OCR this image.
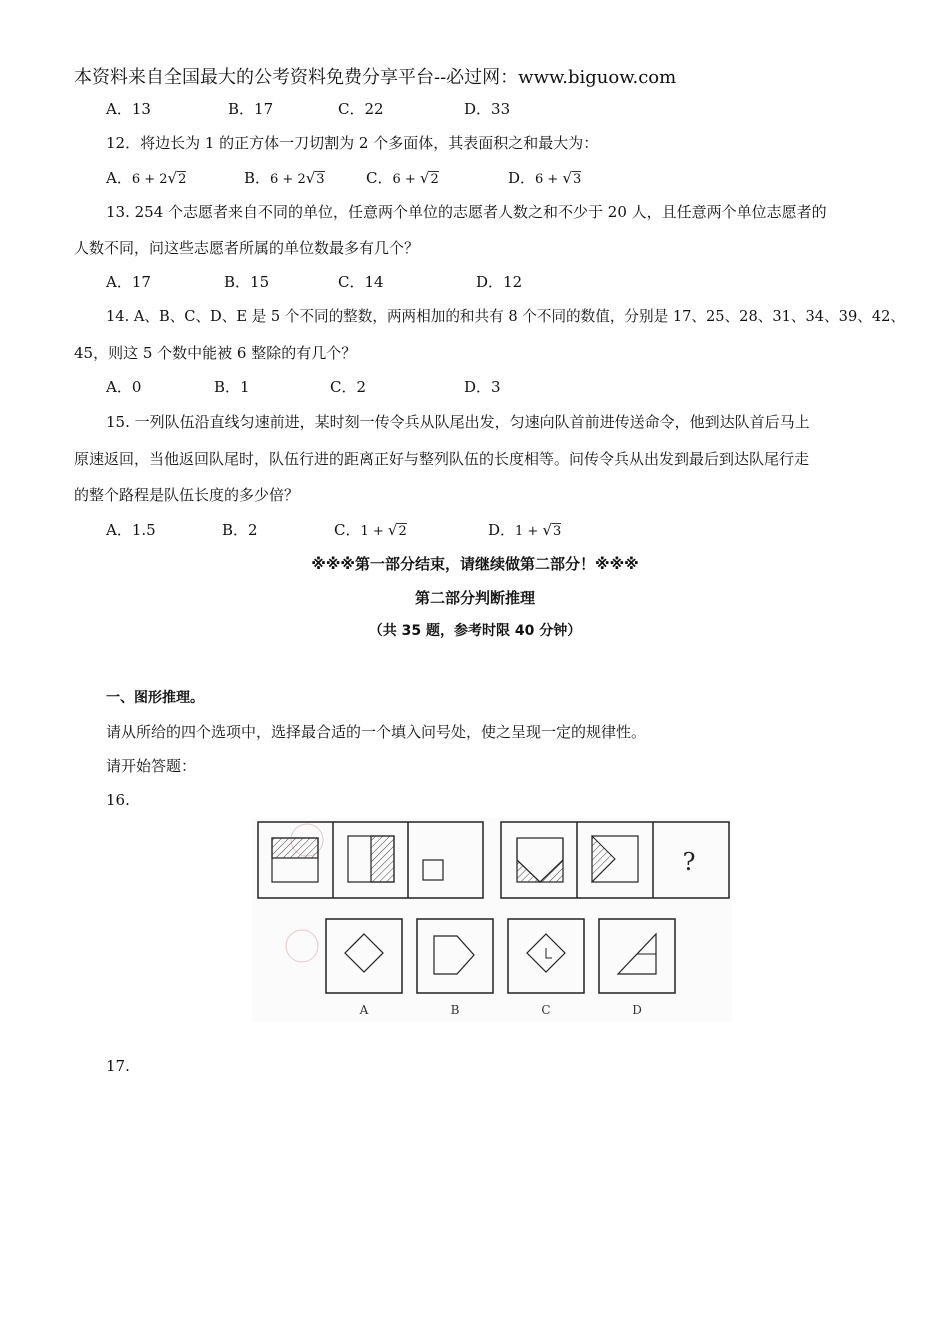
本资料来自全国最大的公考资料免费分享平台--必过网：www.biguow.com
A．13	B．17	C．22	D．33
12．将边长为 1 的正方体一刀切割为 2 个多面体，其表面积之和最大为：
A．6 + 2√2	B．6 + 2√3	C．6 + √2	D．6 + √3
13. 254 个志愿者来自不同的单位，任意两个单位的志愿者人数之和不少于 20 人，且任意两个单位志愿者的
人数不同，问这些志愿者所属的单位数最多有几个？
A．17	B．15	C．14	D．12
14. A、B、C、D、E 是 5 个不同的整数，两两相加的和共有 8 个不同的数值，分别是 17、25、28、31、34、39、42、
45，则这 5 个数中能被 6 整除的有几个？
A．0	B．1	C．2	D．3
15. 一列队伍沿直线匀速前进，某时刻一传令兵从队尾出发，匀速向队首前进传送命令，他到达队首后马上
原速返回，当他返回队尾时，队伍行进的距离正好与整列队伍的长度相等。问传令兵从出发到最后到达队尾行走
的整个路程是队伍长度的多少倍？
A．1.5	B．2	C．1 + √2	D．1 + √3
※※※第一部分结束，请继续做第二部分！※※※
第二部分判断推理
（共 35 题，参考时限 40 分钟）
一、图形推理。
请从所给的四个选项中，选择最合适的一个填入问号处，使之呈现一定的规律性。
请开始答题：
16.
?
A	B	C	D
17.
